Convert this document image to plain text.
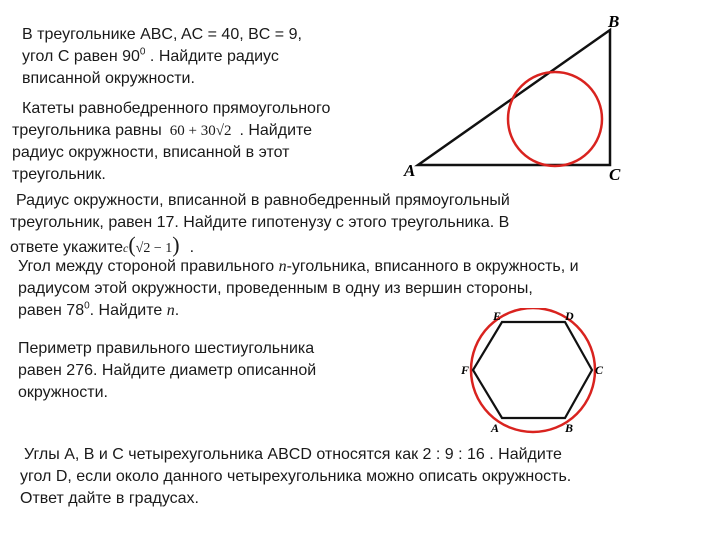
В треугольнике ABC, AC = 40, BC = 9,
угол C равен $90^0$ . Найдите радиус
вписанной окружности.
B
A	C
Катеты равнобедренного прямоугольного
треугольника равны 60 + 30√2 . Найдите
радиус окружности, вписанной в этот
треугольник.
Радиус окружности, вписанной в равнобедренный прямоугольный
треугольник, равен 17. Найдите гипотенузу c этого треугольника. В
ответе укажитеc(√2 − 1) .
Угол между стороной правильного n-угольника, вписанного в окружность, и
радиусом этой окружности, проведенным в одну из вершин стороны,
равен $78^0$. Найдите n.
Периметр правильного шестиугольника
равен 276. Найдите диаметр описанной
окружности.
E	D
F	C
A	B
Углы A, B и C четырехугольника ABCD относятся как 2 : 9 : 16 . Найдите
угол D, если около данного четырехугольника можно описать окружность.
Ответ дайте в градусах.
